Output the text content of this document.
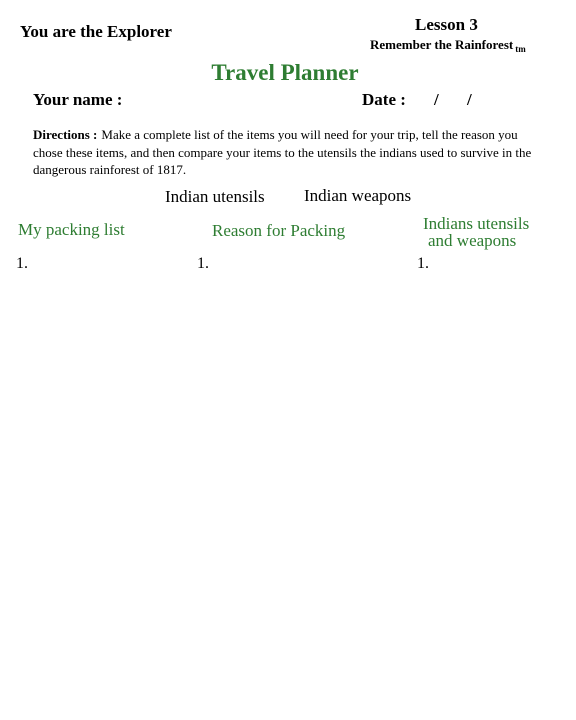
You are the Explorer	Lesson 3
Remember the Rainforest $_{tm}$
Travel Planner
Your name :	Date : / /
Directions : Make a complete list of the items you will need for your trip, tell the reason you chose these items, and then compare your items to the utensils the indians used to survive in the dangerous rainforest of 1817.
Indian utensils Indian weapons
My packing list	Reason for Packing	Indians utensils
and weapons
1.	1.	1.
